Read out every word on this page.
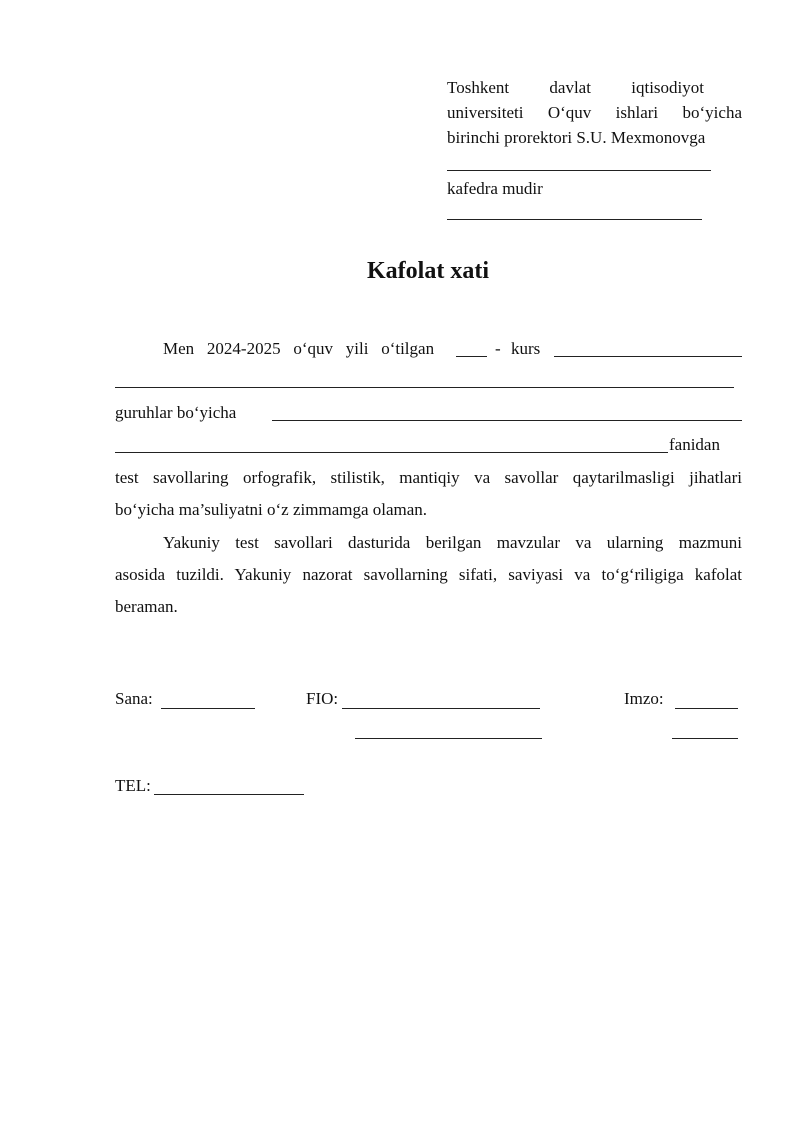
Toshkent davlat iqtisodiyot
universiteti O‘quv ishlari bo‘yicha
birinchi prorektori S.U. Mexmonovga
kafedra mudir
Kafolat xati
Men 2024-2025 o‘quv yili o‘tilgan	- kurs
guruhlar bo‘yicha
fanidan
test savollaring orfografik, stilistik, mantiqiy va savollar qaytarilmasligi jihatlari
bo‘yicha ma’suliyatni o‘z zimmamga olaman.
Yakuniy test savollari dasturida berilgan mavzular va ularning mazmuni
asosida tuzildi. Yakuniy nazorat savollarning sifati, saviyasi va to‘g‘riligiga kafolat
beraman.
Sana:	FIO:	Imzo:
TEL:
